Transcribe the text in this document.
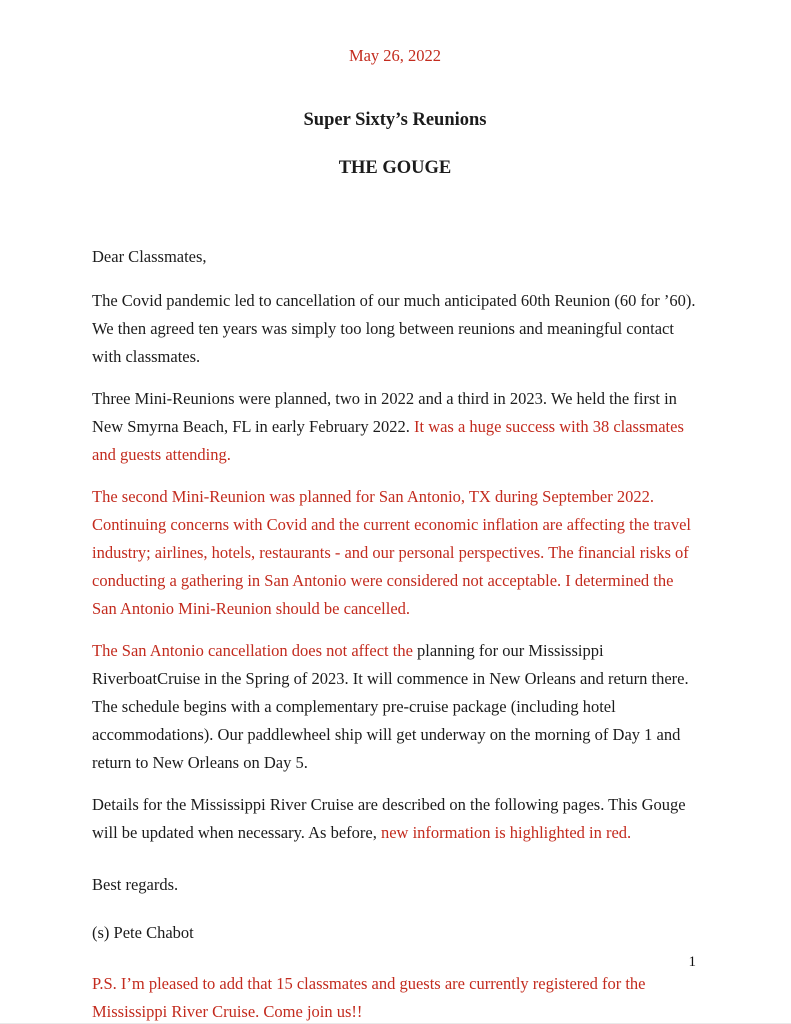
May 26, 2022
Super Sixty’s Reunions
THE GOUGE

Dear Classmates,

The Covid pandemic led to cancellation of our much anticipated 60th Reunion (60 for ’60). We then agreed ten years was simply too long between reunions and meaningful contact with classmates.

Three Mini-Reunions were planned, two in 2022 and a third in 2023. We held the first in New Smyrna Beach, FL in early February 2022. It was a huge success with 38 classmates and guests attending.

The second Mini-Reunion was planned for San Antonio, TX during September 2022. Continuing concerns with Covid and the current economic inflation are affecting the travel industry; airlines, hotels, restaurants - and our personal perspectives. The financial risks of conducting a gathering in San Antonio were considered not acceptable. I determined the San Antonio Mini-Reunion should be cancelled.

The San Antonio cancellation does not affect the planning for our Mississippi RiverboatCruise in the Spring of 2023. It will commence in New Orleans and return there. The schedule begins with a complementary pre-cruise package (including hotel accommodations). Our paddlewheel ship will get underway on the morning of Day 1 and return to New Orleans on Day 5.

Details for the Mississippi River Cruise are described on the following pages. This Gouge will be updated when necessary. As before, new information is highlighted in red.

Best regards.

(s) Pete Chabot

P.S. I’m pleased to add that 15 classmates and guests are currently registered for the Mississippi River Cruise. Come join us!!

1
